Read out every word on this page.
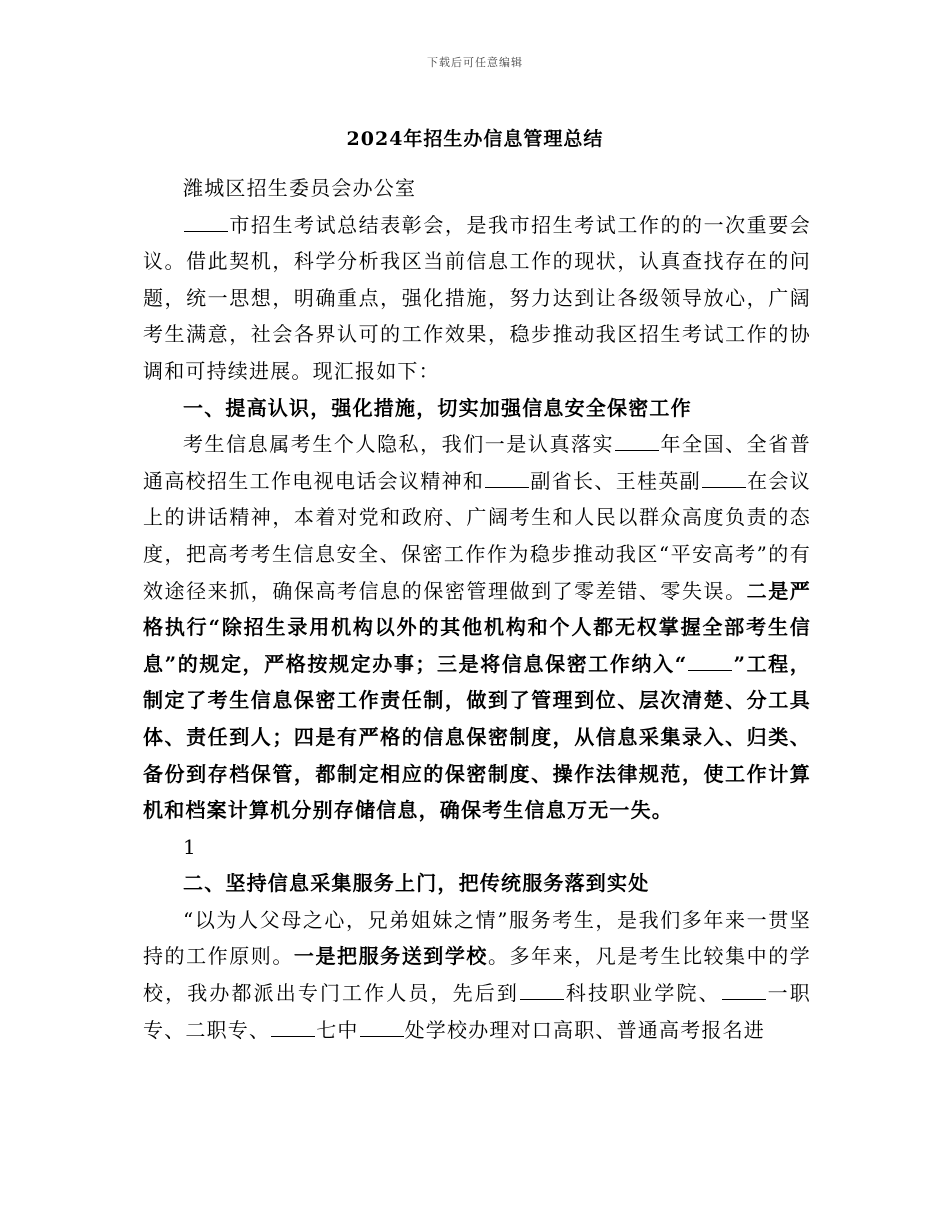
下载后可任意编辑
2024年招生办信息管理总结

潍城区招生委员会办公室

市招生考试总结表彰会，是我市招生考试工作的的一次重要会议。借此契机，科学分析我区当前信息工作的现状，认真查找存在的问题，统一思想，明确重点，强化措施，努力达到让各级领导放心，广阔考生满意，社会各界认可的工作效果，稳步推动我区招生考试工作的协调和可持续进展。现汇报如下：

一、提高认识，强化措施，切实加强信息安全保密工作

考生信息属考生个人隐私，我们一是认真落实 年全国、全省普通高校招生工作电视电话会议精神和 副省长、王桂英副 在会议上的讲话精神，本着对党和政府、广阔考生和人民以群众高度负责的态度，把高考考生信息安全、保密工作作为稳步推动我区“平安高考”的有效途径来抓，确保高考信息的保密管理做到了零差错、零失误。二是严格执行“除招生录用机构以外的其他机构和个人都无权掌握全部考生信息”的规定，严格按规定办事；三是将信息保密工作纳入“ ”工程，制定了考生信息保密工作责任制，做到了管理到位、层次清楚、分工具体、责任到人；四是有严格的信息保密制度，从信息采集录入、归类、备份到存档保管，都制定相应的保密制度、操作法律规范，使工作计算机和档案计算机分别存储信息，确保考生信息万无一失。

1

二、坚持信息采集服务上门，把传统服务落到实处

“以为人父母之心，兄弟姐妹之情”服务考生，是我们多年来一贯坚持的工作原则。一是把服务送到学校。多年来，凡是考生比较集中的学校，我办都派出专门工作人员，先后到 科技职业学院、 一职专、二职专、 七中 处学校办理对口高职、普通高考报名进
